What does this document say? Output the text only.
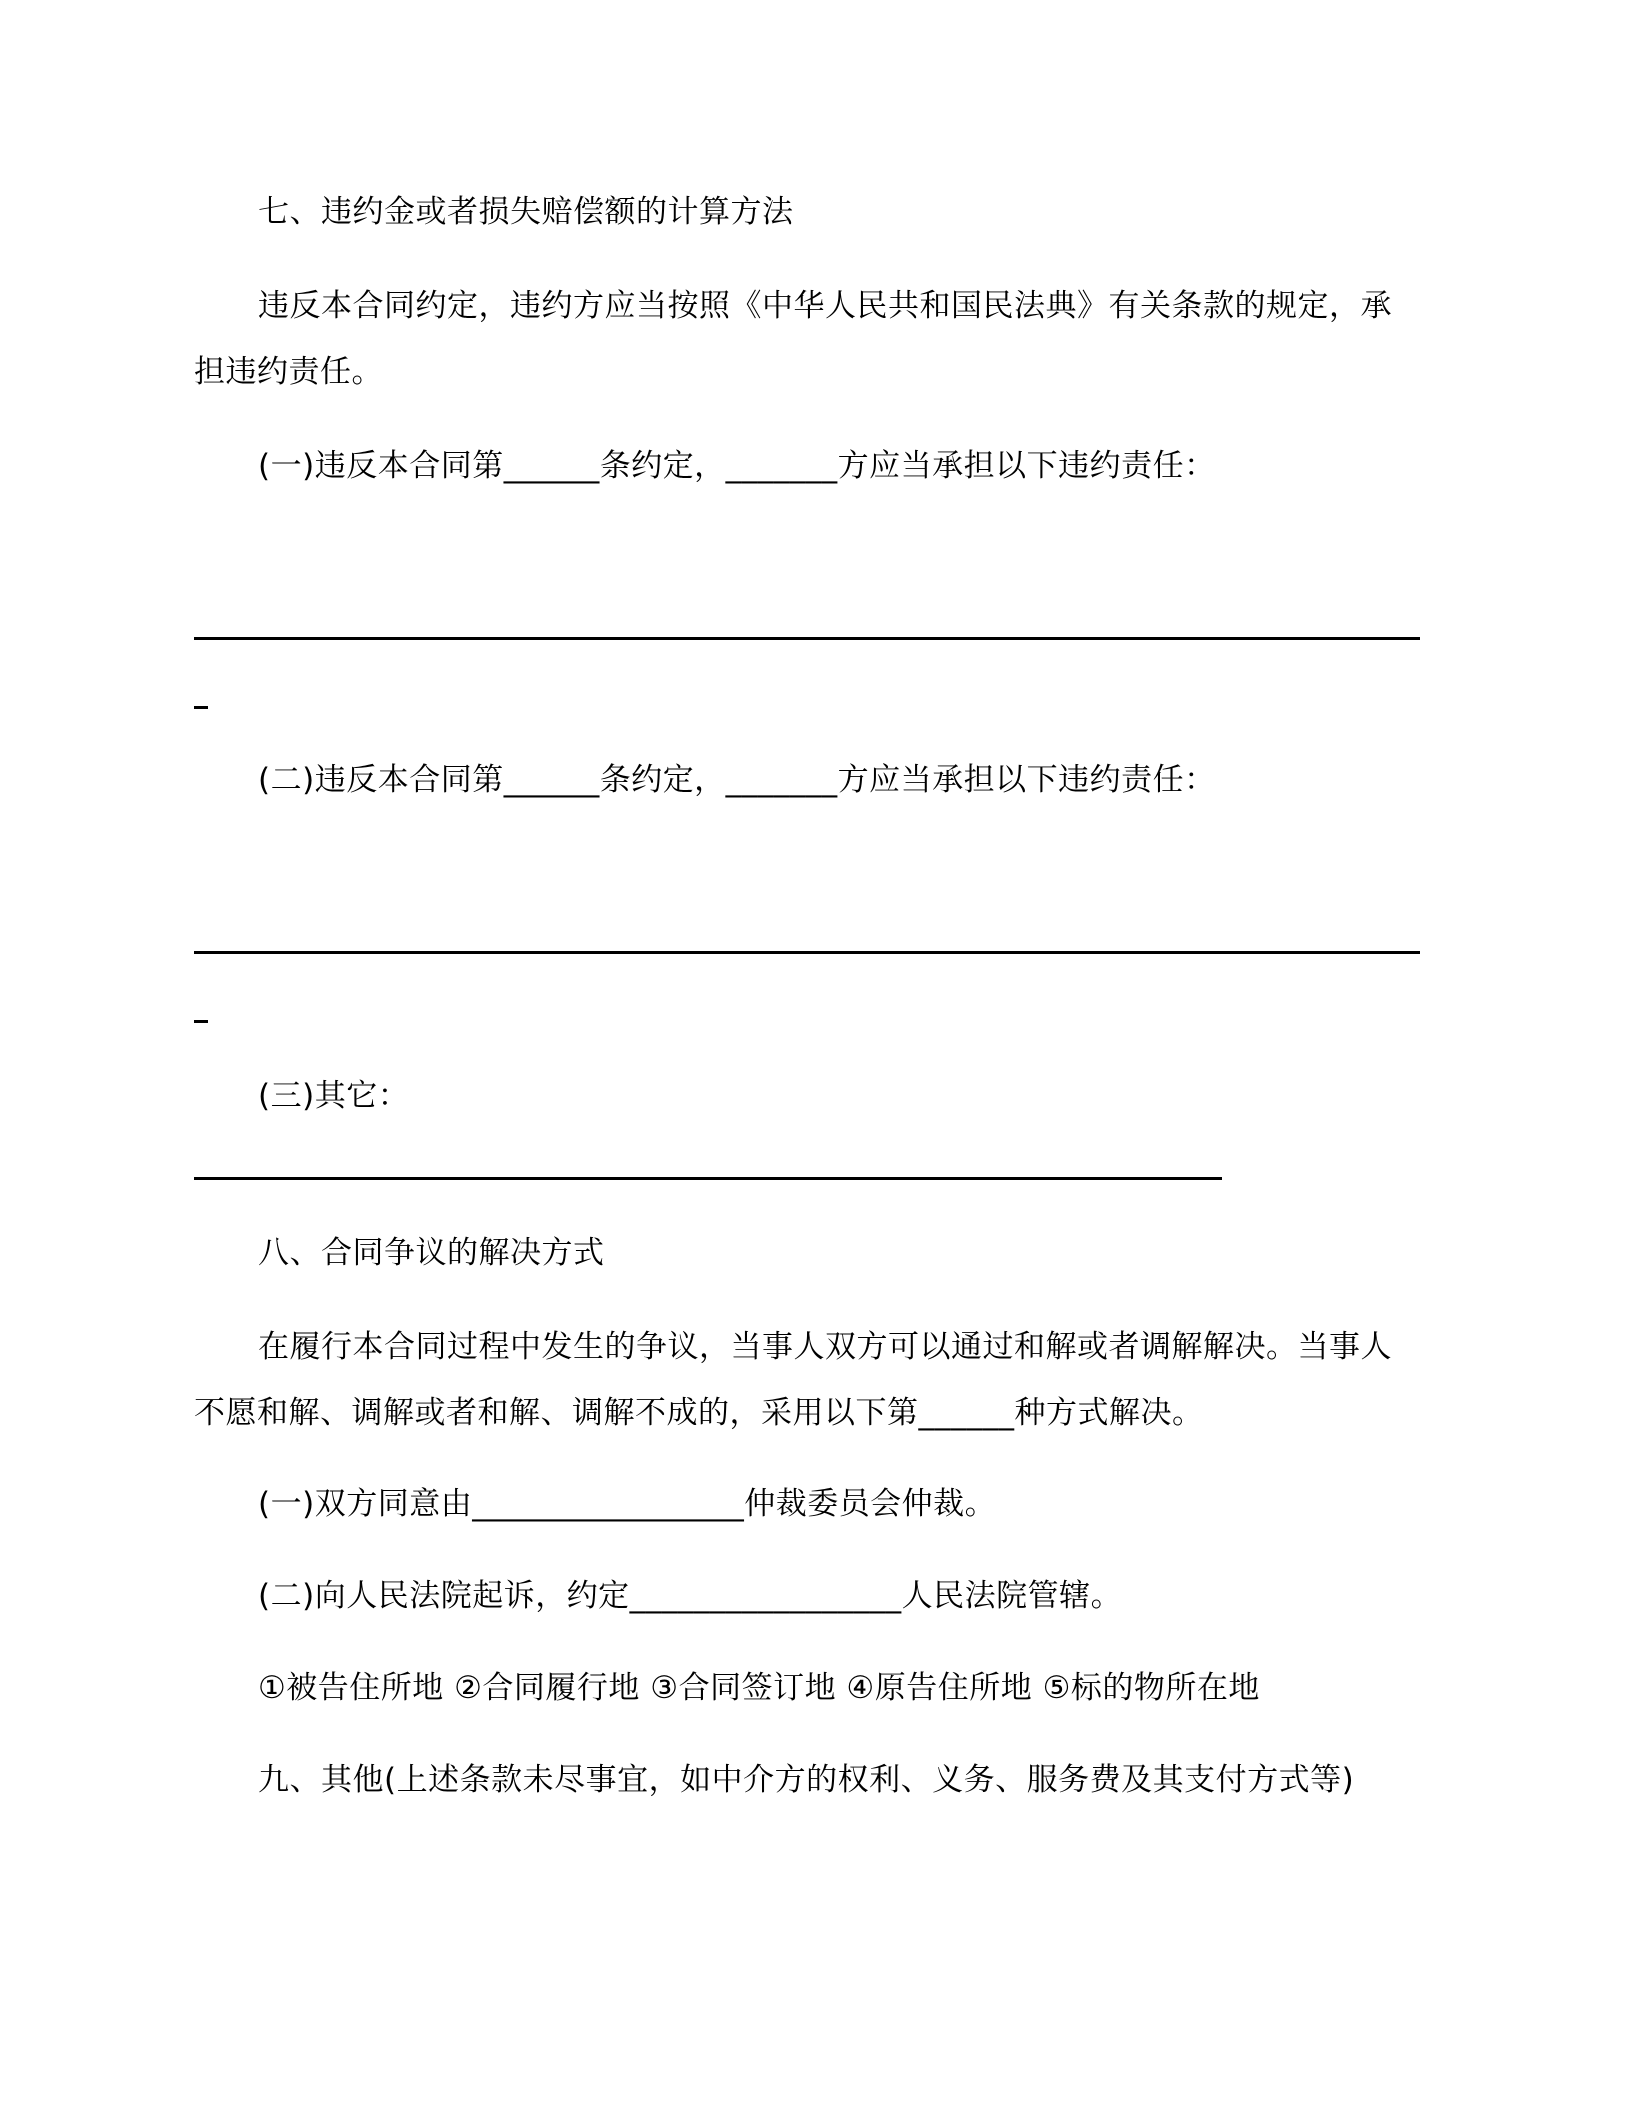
七、违约金或者损失赔偿额的计算方法
违反本合同约定，违约方应当按照《中华人民共和国民法典》有关条款的规定，承
担违约责任。
(一)违反本合同第______条约定，_______方应当承担以下违约责任：
(二)违反本合同第______条约定，_______方应当承担以下违约责任：
(三)其它：
八、合同争议的解决方式
在履行本合同过程中发生的争议，当事人双方可以通过和解或者调解解决。当事人
不愿和解、调解或者和解、调解不成的，采用以下第______种方式解决。
(一)双方同意由_________________仲裁委员会仲裁。
(二)向人民法院起诉，约定_________________人民法院管辖。
①被告住所地 ②合同履行地 ③合同签订地 ④原告住所地 ⑤标的物所在地
九、其他(上述条款未尽事宜，如中介方的权利、义务、服务费及其支付方式等)
